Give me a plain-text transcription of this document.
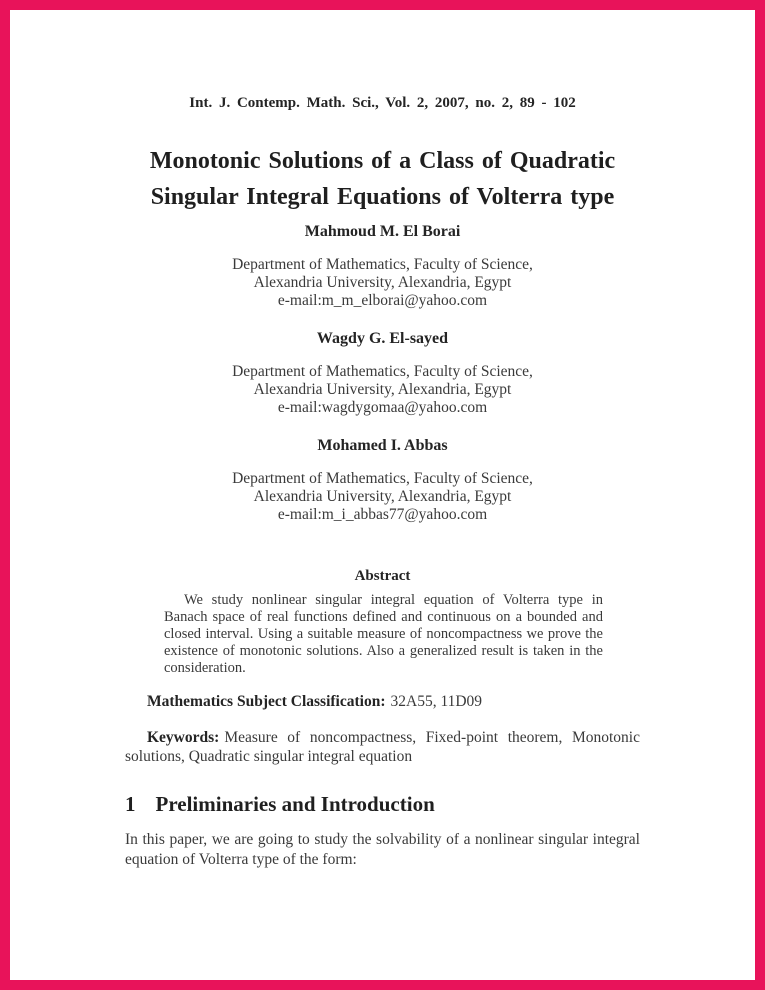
Int. J. Contemp. Math. Sci., Vol. 2, 2007, no. 2, 89 - 102
Monotonic Solutions of a Class of Quadratic
Singular Integral Equations of Volterra type
Mahmoud M. El Borai
Department of Mathematics, Faculty of Science,
Alexandria University, Alexandria, Egypt
e-mail:m_m_elborai@yahoo.com
Wagdy G. El-sayed
Department of Mathematics, Faculty of Science,
Alexandria University, Alexandria, Egypt
e-mail:wagdygomaa@yahoo.com
Mohamed I. Abbas
Department of Mathematics, Faculty of Science,
Alexandria University, Alexandria, Egypt
e-mail:m_i_abbas77@yahoo.com
Abstract

We study nonlinear singular integral equation of Volterra type in Banach space of real functions defined and continuous on a bounded and closed interval. Using a suitable measure of noncompactness we prove the existence of monotonic solutions. Also a generalized result is taken in the consideration.

Mathematics Subject Classification: 32A55, 11D09

Keywords: Measure of noncompactness, Fixed-point theorem, Monotonic solutions, Quadratic singular integral equation

1 Preliminaries and Introduction

In this paper, we are going to study the solvability of a nonlinear singular integral equation of Volterra type of the form:
